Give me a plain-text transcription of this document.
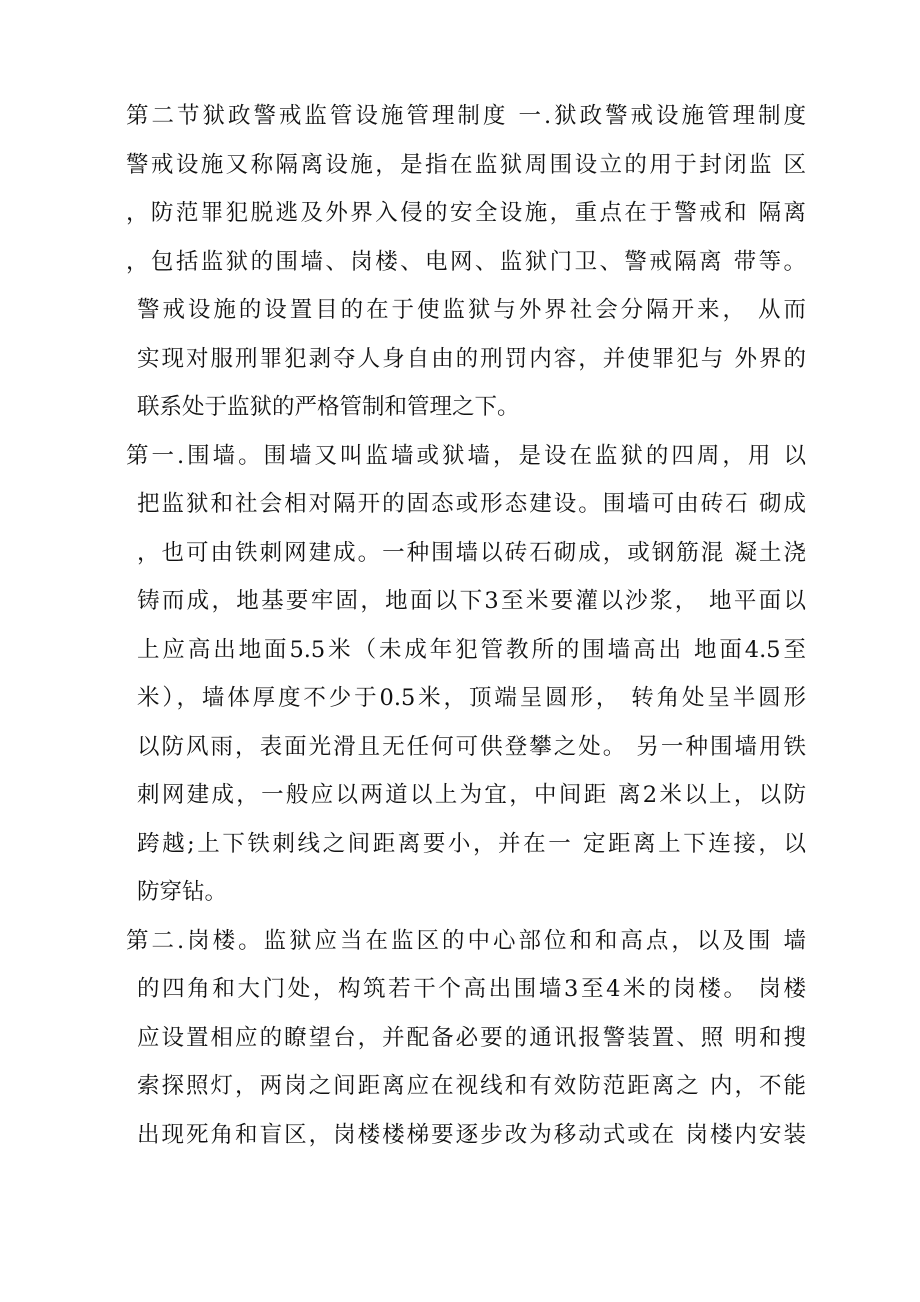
第二节狱政警戒监管设施管理制度 一.狱政警戒设施管理制度
警戒设施又称隔离设施，是指在监狱周围设立的用于封闭监 区
，防范罪犯脱逃及外界入侵的安全设施，重点在于警戒和 隔离
，包括监狱的围墙、岗楼、电网、监狱门卫、警戒隔离 带等。
警戒设施的设置目的在于使监狱与外界社会分隔开来， 从而
实现对服刑罪犯剥夺人身自由的刑罚内容，并使罪犯与 外界的
联系处于监狱的严格管制和管理之下。
第一.围墙。围墙又叫监墙或狱墙，是设在监狱的四周，用 以
把监狱和社会相对隔开的固态或形态建设。围墙可由砖石 砌成
，也可由铁刺网建成。一种围墙以砖石砌成，或钢筋混 凝土浇
铸而成，地基要牢固，地面以下3至米要灌以沙浆， 地平面以
上应高出地面5.5米（未成年犯管教所的围墙高出 地面4.5至
米），墙体厚度不少于0.5米，顶端呈圆形， 转角处呈半圆形
以防风雨，表面光滑且无任何可供登攀之处。 另一种围墙用铁
刺网建成，一般应以两道以上为宜，中间距 离2米以上，以防
跨越;上下铁刺线之间距离要小，并在一 定距离上下连接，以
防穿钻。
第二.岗楼。监狱应当在监区的中心部位和和高点，以及围 墙
的四角和大门处，构筑若干个高出围墙3至4米的岗楼。 岗楼
应设置相应的瞭望台，并配备必要的通讯报警装置、照 明和搜
索探照灯，两岗之间距离应在视线和有效防范距离之 内，不能
出现死角和盲区，岗楼楼梯要逐步改为移动式或在 岗楼内安装
